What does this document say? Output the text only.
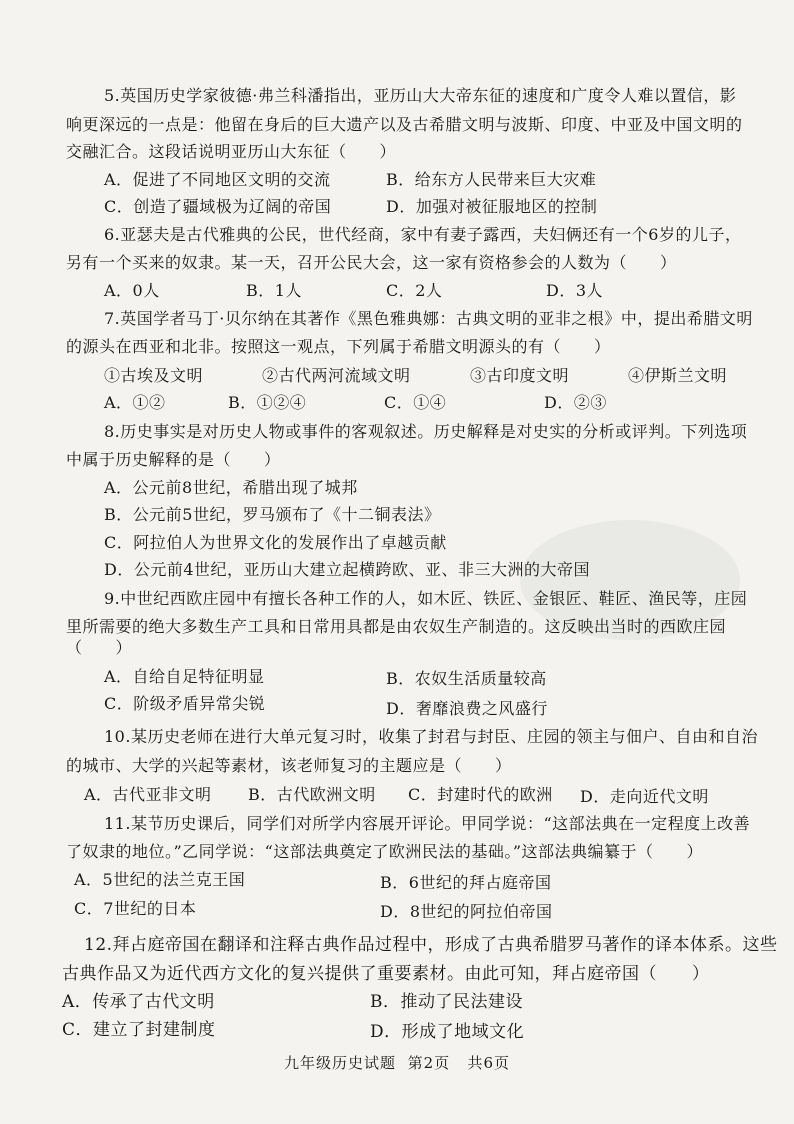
5.英国历史学家彼德·弗兰科潘指出，亚历山大大帝东征的速度和广度令人难以置信，影
响更深远的一点是：他留在身后的巨大遗产以及古希腊文明与波斯、印度、中亚及中国文明的
交融汇合。这段话说明亚历山大东征（　　）
A．促进了不同地区文明的交流	B．给东方人民带来巨大灾难
C．创造了疆域极为辽阔的帝国	D．加强对被征服地区的控制
6.亚瑟夫是古代雅典的公民，世代经商，家中有妻子露西，夫妇俩还有一个6岁的儿子，
另有一个买来的奴隶。某一天，召开公民大会，这一家有资格参会的人数为（　　）
A．0人	B．1人	C．2人	D．3人
7.英国学者马丁·贝尔纳在其著作《黑色雅典娜：古典文明的亚非之根》中，提出希腊文明
的源头在西亚和北非。按照这一观点，下列属于希腊文明源头的有（　　）
①古埃及文明	②古代两河流域文明	③古印度文明	④伊斯兰文明
A．①②	B．①②④	C．①④	D．②③
8.历史事实是对历史人物或事件的客观叙述。历史解释是对史实的分析或评判。下列选项
中属于历史解释的是（　　）
A．公元前8世纪，希腊出现了城邦
B．公元前5世纪，罗马颁布了《十二铜表法》
C．阿拉伯人为世界文化的发展作出了卓越贡献
D．公元前4世纪，亚历山大建立起横跨欧、亚、非三大洲的大帝国
9.中世纪西欧庄园中有擅长各种工作的人，如木匠、铁匠、金银匠、鞋匠、渔民等，庄园
里所需要的绝大多数生产工具和日常用具都是由农奴生产制造的。这反映出当时的西欧庄园
（　　）
A．自给自足特征明显	B．农奴生活质量较高
C．阶级矛盾异常尖锐	D．奢靡浪费之风盛行
10.某历史老师在进行大单元复习时，收集了封君与封臣、庄园的领主与佃户、自由和自治
的城市、大学的兴起等素材，该老师复习的主题应是（　　）
A．古代亚非文明 B．古代欧洲文明 C．封建时代的欧洲 D．走向近代文明
11.某节历史课后，同学们对所学内容展开评论。甲同学说：“这部法典在一定程度上改善
了奴隶的地位。”乙同学说：“这部法典奠定了欧洲民法的基础。”这部法典编纂于（　　）
A．5世纪的法兰克王国	B．6世纪的拜占庭帝国
C．7世纪的日本	D．8世纪的阿拉伯帝国
12.拜占庭帝国在翻译和注释古典作品过程中，形成了古典希腊罗马著作的译本体系。这些
古典作品又为近代西方文化的复兴提供了重要素材。由此可知，拜占庭帝国（　　）
A．传承了古代文明	B．推动了民法建设
C．建立了封建制度	D．形成了地域文化
九年级历史试题 第2页 共6页
